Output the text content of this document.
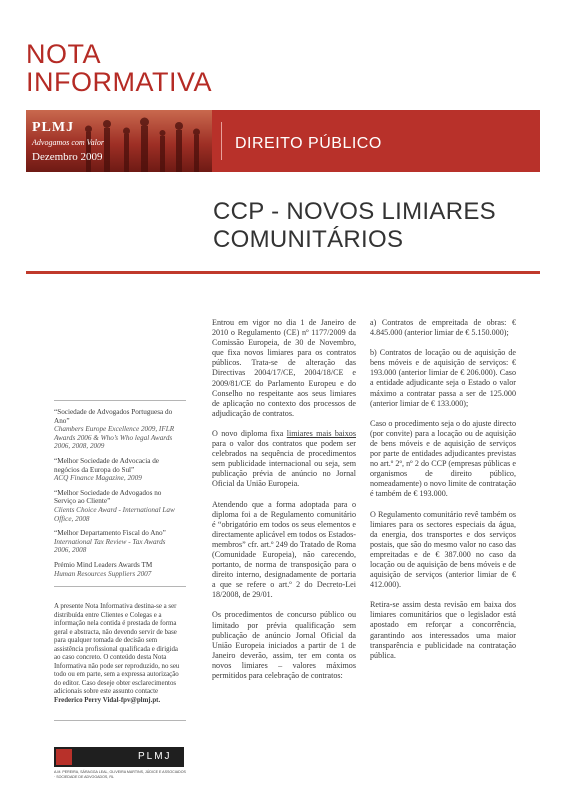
NOTA
INFORMATIVA
PLMJ
Advogamos com Valor
Dezembro 2009
DIREITO PÚBLICO
CCP - NOVOS LIMIARES
COMUNITÁRIOS

Entrou em vigor no dia 1 de Janeiro de 2010 o Regulamento (CE) nº 1177/2009 da Comissão Europeia, de 30 de Novembro, que fixa novos limiares para os contratos públicos. Trata-se de alteração das Directivas 2004/17/CE, 2004/18/CE e 2009/81/CE do Parlamento Europeu e do Conselho no respeitante aos seus limiares de aplicação no contexto dos processos de adjudicação de contratos.

O novo diploma fixa limiares mais baixos para o valor dos contratos que podem ser celebrados na sequência de procedimentos sem publicidade internacional ou seja, sem publicação prévia de anúncio no Jornal Oficial da União Europeia.

Atendendo que a forma adoptada para o diploma foi a de Regulamento comunitário é “obrigatório em todos os seus elementos e directamente aplicável em todos os Estados-membros” cfr. art.º 249 do Tratado de Roma (Comunidade Europeia), não carecendo, portanto, de norma de transposição para o direito interno, designadamente de portaria a que se refere o art.º 2 do Decreto-Lei 18/2008, de 29/01.

Os procedimentos de concurso público ou limitado por prévia qualificação sem publicação de anúncio Jornal Oficial da União Europeia iniciados a partir de 1 de Janeiro deverão, assim, ter em conta os novos limiares – valores máximos permitidos para celebração de contratos:

a) Contratos de empreitada de obras: € 4.845.000 (anterior limiar de € 5.150.000);

b) Contratos de locação ou de aquisição de bens móveis e de aquisição de serviços: € 193.000 (anterior limiar de € 206.000). Caso a entidade adjudicante seja o Estado o valor máximo a contratar passa a ser de 125.000 (anterior limiar de € 133.000);

Caso o procedimento seja o do ajuste directo (por convite) para a locação ou de aquisição de bens móveis e de aquisição de serviços por parte de entidades adjudicantes previstas no art.º 2º, nº 2 do CCP (empresas públicas e organismos de direito público, nomeadamente) o novo limite de contratação é também de € 193.000.

O Regulamento comunitário revê também os limiares para os sectores especiais da água, da energia, dos transportes e dos serviços postais, que são do mesmo valor no caso das empreitadas e de € 387.000 no caso da locação ou de aquisição de bens móveis e de aquisição de serviços (anterior limiar de € 412.000).

Retira-se assim desta revisão em baixa dos limiares comunitários que o legislador está apostado em reforçar a concorrência, garantindo aos interessados uma maior transparência e publicidade na contratação pública.

“Sociedade de Advogados Portuguesa do Ano”
Chambers Europe Excellence 2009, IFLR Awards 2006 & Who’s Who legal Awards 2006, 2008, 2009
“Melhor Sociedade de Advocacia de negócios da Europa do Sul”
ACQ Finance Magazine, 2009
“Melhor Sociedade de Advogados no Serviço ao Cliente”
Clients Choice Award - International Law Office, 2008
“Melhor Departamento Fiscal do Ano”
International Tax Review - Tax Awards 2006, 2008
Prémio Mind Leaders Awards TM
Human Resources Suppliers 2007
A presente Nota Informativa destina-se a ser distribuída entre Clientes e Colegas e a informação nela contida é prestada de forma geral e abstracta, não devendo servir de base para qualquer tomada de decisão sem assistência profissional qualificada e dirigida ao caso concreto. O conteúdo desta Nota Informativa não pode ser reproduzido, no seu todo ou em parte, sem a expressa autorização do editor. Caso deseje obter esclarecimentos adicionais sobre este assunto contacte Frederico Perry Vidal-fpv@plmj.pt.
PLMJ
A.M. PEREIRA, SÁRAGGA LEAL, OLIVEIRA MARTINS, JÚDICE E ASSOCIADOS · SOCIEDADE DE ADVOGADOS, RL
